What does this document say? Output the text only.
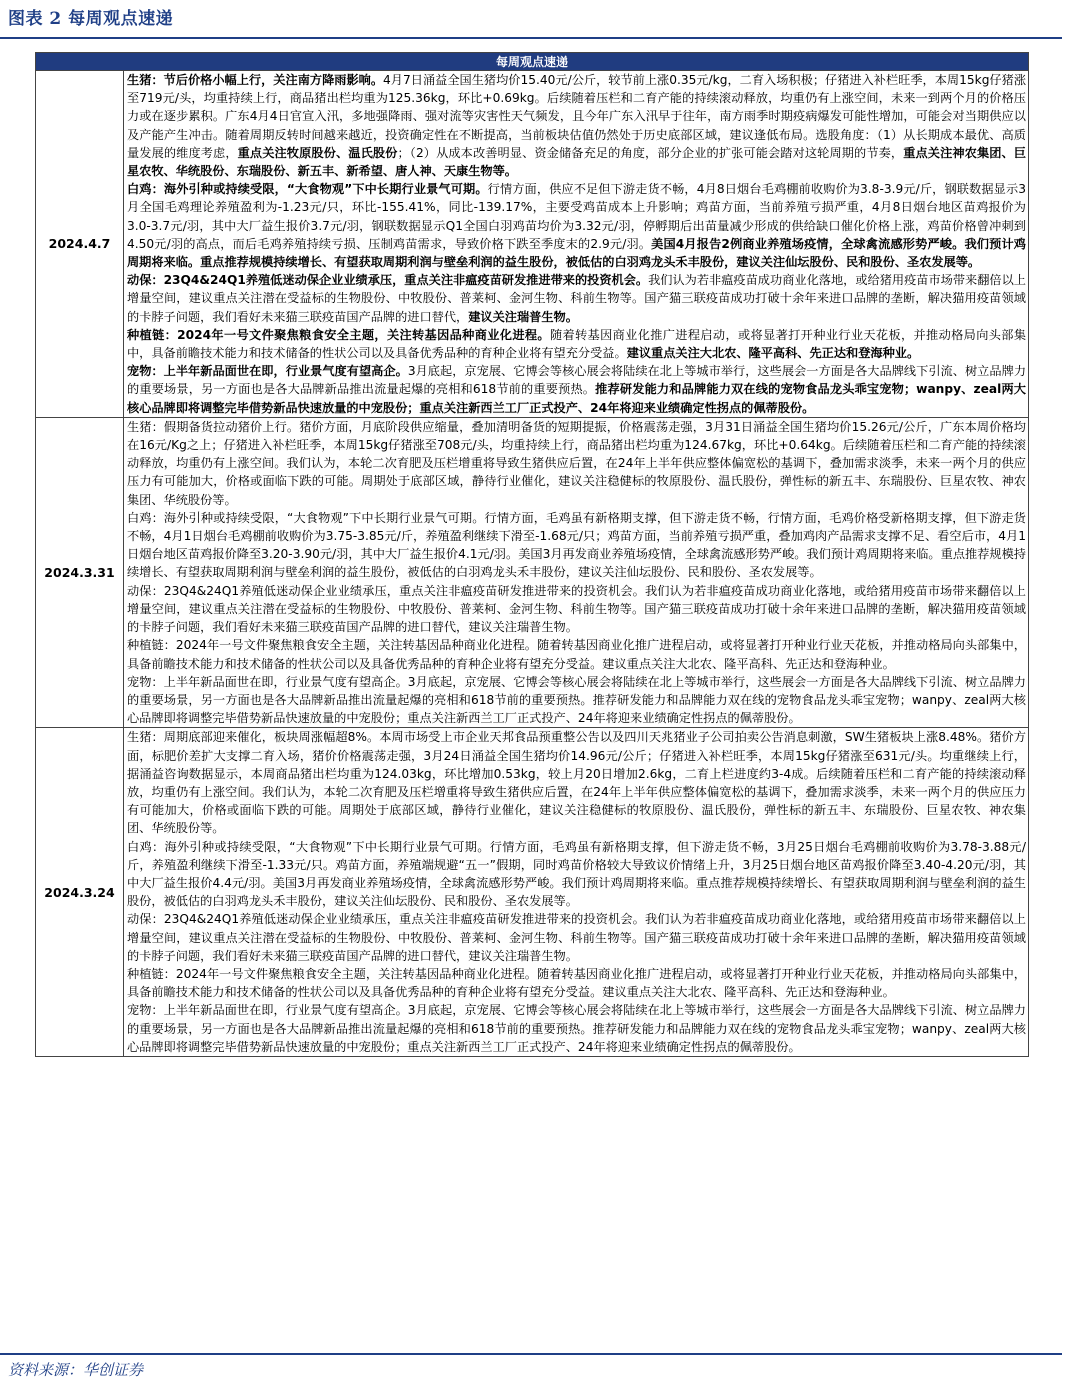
图表 2 每周观点速递
每周观点速递	
2024.4.7	生猪：节后价格小幅上行，关注南方降雨影响。4月7日涌益全国生猪均价15.40元/公斤，较节前上涨0.35元/kg，二育入场积极；仔猪进入补栏旺季，本周15kg仔猪涨至719元/头，均重持续上行，商品猪出栏均重为125.36kg，环比+0.69kg。后续随着压栏和二育产能的持续滚动释放，均重仍有上涨空间，未来一到两个月的价格压力或在逐步累积。广东4月4日官宣入汛，多地强降雨、强对流等灾害性天气频发，且今年广东入汛早于往年，南方雨季时期疫病爆发可能性增加，可能会对当期供应以及产能产生冲击。随着周期反转时间越来越近，投资确定性在不断提高，当前板块估值仍然处于历史底部区域，建议逢低布局。选股角度：（1）从长期成本最优、高质量发展的维度考虑，重点关注牧原股份、温氏股份；（2）从成本改善明显、资金储备充足的角度，部分企业的扩张可能会踏对这轮周期的节奏，重点关注神农集团、巨星农牧、华统股份、东瑞股份、新五丰、新希望、唐人神、天康生物等。

白鸡：海外引种或持续受限，“大食物观”下中长期行业景气可期。行情方面，供应不足但下游走货不畅，4月8日烟台毛鸡棚前收购价为3.8-3.9元/斤，钢联数据显示3月全国毛鸡理论养殖盈利为-1.23元/只，环比-155.41%，同比-139.17%，主要受鸡苗成本上升影响；鸡苗方面，当前养殖亏损严重，4月8日烟台地区苗鸡报价为3.0-3.7元/羽，其中大厂益生报价3.7元/羽，钢联数据显示Q1全国白羽鸡苗均价为3.32元/羽，停孵期后出苗量减少形成的供给缺口催化价格上涨，鸡苗价格曾冲刺到4.50元/羽的高点，而后毛鸡养殖持续亏损、压制鸡苗需求，导致价格下跌至季度末的2.9元/羽。美国4月报告2例商业养殖场疫情，全球禽流感形势严峻。我们预计鸡周期将来临。重点推荐规模持续增长、有望获取周期利润与壁垒利润的益生股份，被低估的白羽鸡龙头禾丰股份，建议关注仙坛股份、民和股份、圣农发展等。

动保：23Q4&24Q1养殖低迷动保企业业绩承压，重点关注非瘟疫苗研发推进带来的投资机会。我们认为若非瘟疫苗成功商业化落地，或给猪用疫苗市场带来翻倍以上增量空间，建议重点关注潜在受益标的生物股份、中牧股份、普莱柯、金河生物、科前生物等。国产猫三联疫苗成功打破十余年来进口品牌的垄断，解决猫用疫苗领域的卡脖子问题，我们看好未来猫三联疫苗国产品牌的进口替代，建议关注瑞普生物。

种植链：2024年一号文件聚焦粮食安全主题，关注转基因品种商业化进程。随着转基因商业化推广进程启动，或将显著打开种业行业天花板，并推动格局向头部集中，具备前瞻技术能力和技术储备的性状公司以及具备优秀品种的育种企业将有望充分受益。建议重点关注大北农、隆平高科、先正达和登海种业。

宠物：上半年新品面世在即，行业景气度有望高企。3月底起，京宠展、它博会等核心展会将陆续在北上等城市举行，这些展会一方面是各大品牌线下引流、树立品牌力的重要场景，另一方面也是各大品牌新品推出流量起爆的亮相和618节前的重要预热。推荐研发能力和品牌能力双在线的宠物食品龙头乖宝宠物；wanpy、zeal两大核心品牌即将调整完毕借势新品快速放量的中宠股份；重点关注新西兰工厂正式投产、24年将迎来业绩确定性拐点的佩蒂股份。

2024.3.31	生猪：假期备货拉动猪价上行。猪价方面，月底阶段供应缩量，叠加清明备货的短期提振，价格震荡走强，3月31日涌益全国生猪均价15.26元/公斤，广东本周价格均在16元/Kg之上；仔猪进入补栏旺季，本周15kg仔猪涨至708元/头，均重持续上行，商品猪出栏均重为124.67kg，环比+0.64kg。后续随着压栏和二育产能的持续滚动释放，均重仍有上涨空间。我们认为，本轮二次育肥及压栏增重将导致生猪供应后置，在24年上半年供应整体偏宽松的基调下，叠加需求淡季，未来一两个月的供应压力有可能加大，价格或面临下跌的可能。周期处于底部区域，静待行业催化，建议关注稳健标的牧原股份、温氏股份，弹性标的新五丰、东瑞股份、巨星农牧、神农集团、华统股份等。

白鸡：海外引种或持续受限，“大食物观”下中长期行业景气可期。行情方面，毛鸡虽有新格期支撑，但下游走货不畅，行情方面，毛鸡价格受新格期支撑，但下游走货不畅，4月1日烟台毛鸡棚前收购价为3.75-3.85元/斤，养殖盈利继续下滑至-1.68元/只；鸡苗方面，当前养殖亏损严重，叠加鸡肉产品需求支撑不足、看空后市，4月1日烟台地区苗鸡报价降至3.20-3.90元/羽，其中大厂益生报价4.1元/羽。美国3月再发商业养殖场疫情，全球禽流感形势严峻。我们预计鸡周期将来临。重点推荐规模持续增长、有望获取周期利润与壁垒利润的益生股份，被低估的白羽鸡龙头禾丰股份，建议关注仙坛股份、民和股份、圣农发展等。

动保：23Q4&24Q1养殖低迷动保企业业绩承压，重点关注非瘟疫苗研发推进带来的投资机会。我们认为若非瘟疫苗成功商业化落地，或给猪用疫苗市场带来翻倍以上增量空间，建议重点关注潜在受益标的生物股份、中牧股份、普莱柯、金河生物、科前生物等。国产猫三联疫苗成功打破十余年来进口品牌的垄断，解决猫用疫苗领域的卡脖子问题，我们看好未来猫三联疫苗国产品牌的进口替代，建议关注瑞普生物。

种植链：2024年一号文件聚焦粮食安全主题，关注转基因品种商业化进程。随着转基因商业化推广进程启动，或将显著打开种业行业天花板，并推动格局向头部集中，具备前瞻技术能力和技术储备的性状公司以及具备优秀品种的育种企业将有望充分受益。建议重点关注大北农、隆平高科、先正达和登海种业。

宠物：上半年新品面世在即，行业景气度有望高企。3月底起，京宠展、它博会等核心展会将陆续在北上等城市举行，这些展会一方面是各大品牌线下引流、树立品牌力的重要场景，另一方面也是各大品牌新品推出流量起爆的亮相和618节前的重要预热。推荐研发能力和品牌能力双在线的宠物食品龙头乖宝宠物；wanpy、zeal两大核心品牌即将调整完毕借势新品快速放量的中宠股份；重点关注新西兰工厂正式投产、24年将迎来业绩确定性拐点的佩蒂股份。

2024.3.24	生猪：周期底部迎来催化，板块周涨幅超8%。本周市场受上市企业天邦食品预重整公告以及四川天兆猪业子公司拍卖公告消息刺激，SW生猪板块上涨8.48%。猪价方面，标肥价差扩大支撑二育入场，猪价价格震荡走强，3月24日涌益全国生猪均价14.96元/公斤；仔猪进入补栏旺季，本周15kg仔猪涨至631元/头。均重继续上行，据涌益咨询数据显示，本周商品猪出栏均重为124.03kg，环比增加0.53kg，较上月20日增加2.6kg，二育上栏进度约3-4成。后续随着压栏和二育产能的持续滚动释放，均重仍有上涨空间。我们认为，本轮二次育肥及压栏增重将导致生猪供应后置，在24年上半年供应整体偏宽松的基调下，叠加需求淡季，未来一两个月的供应压力有可能加大，价格或面临下跌的可能。周期处于底部区域，静待行业催化，建议关注稳健标的牧原股份、温氏股份，弹性标的新五丰、东瑞股份、巨星农牧、神农集团、华统股份等。

白鸡：海外引种或持续受限，“大食物观”下中长期行业景气可期。行情方面，毛鸡虽有新格期支撑，但下游走货不畅，3月25日烟台毛鸡棚前收购价为3.78-3.88元/斤，养殖盈利继续下滑至-1.33元/只。鸡苗方面，养殖端规避“五一”假期，同时鸡苗价格较大导致议价情绪上升，3月25日烟台地区苗鸡报价降至3.40-4.20元/羽，其中大厂益生报价4.4元/羽。美国3月再发商业养殖场疫情，全球禽流感形势严峻。我们预计鸡周期将来临。重点推荐规模持续增长、有望获取周期利润与壁垒利润的益生股份，被低估的白羽鸡龙头禾丰股份，建议关注仙坛股份、民和股份、圣农发展等。

动保：23Q4&24Q1养殖低迷动保企业业绩承压，重点关注非瘟疫苗研发推进带来的投资机会。我们认为若非瘟疫苗成功商业化落地，或给猪用疫苗市场带来翻倍以上增量空间，建议重点关注潜在受益标的生物股份、中牧股份、普莱柯、金河生物、科前生物等。国产猫三联疫苗成功打破十余年来进口品牌的垄断，解决猫用疫苗领域的卡脖子问题，我们看好未来猫三联疫苗国产品牌的进口替代，建议关注瑞普生物。

种植链：2024年一号文件聚焦粮食安全主题，关注转基因品种商业化进程。随着转基因商业化推广进程启动，或将显著打开种业行业天花板，并推动格局向头部集中，具备前瞻技术能力和技术储备的性状公司以及具备优秀品种的育种企业将有望充分受益。建议重点关注大北农、隆平高科、先正达和登海种业。

宠物：上半年新品面世在即，行业景气度有望高企。3月底起，京宠展、它博会等核心展会将陆续在北上等城市举行，这些展会一方面是各大品牌线下引流、树立品牌力的重要场景，另一方面也是各大品牌新品推出流量起爆的亮相和618节前的重要预热。推荐研发能力和品牌能力双在线的宠物食品龙头乖宝宠物；wanpy、zeal两大核心品牌即将调整完毕借势新品快速放量的中宠股份；重点关注新西兰工厂正式投产、24年将迎来业绩确定性拐点的佩蒂股份。

资料来源：华创证券
